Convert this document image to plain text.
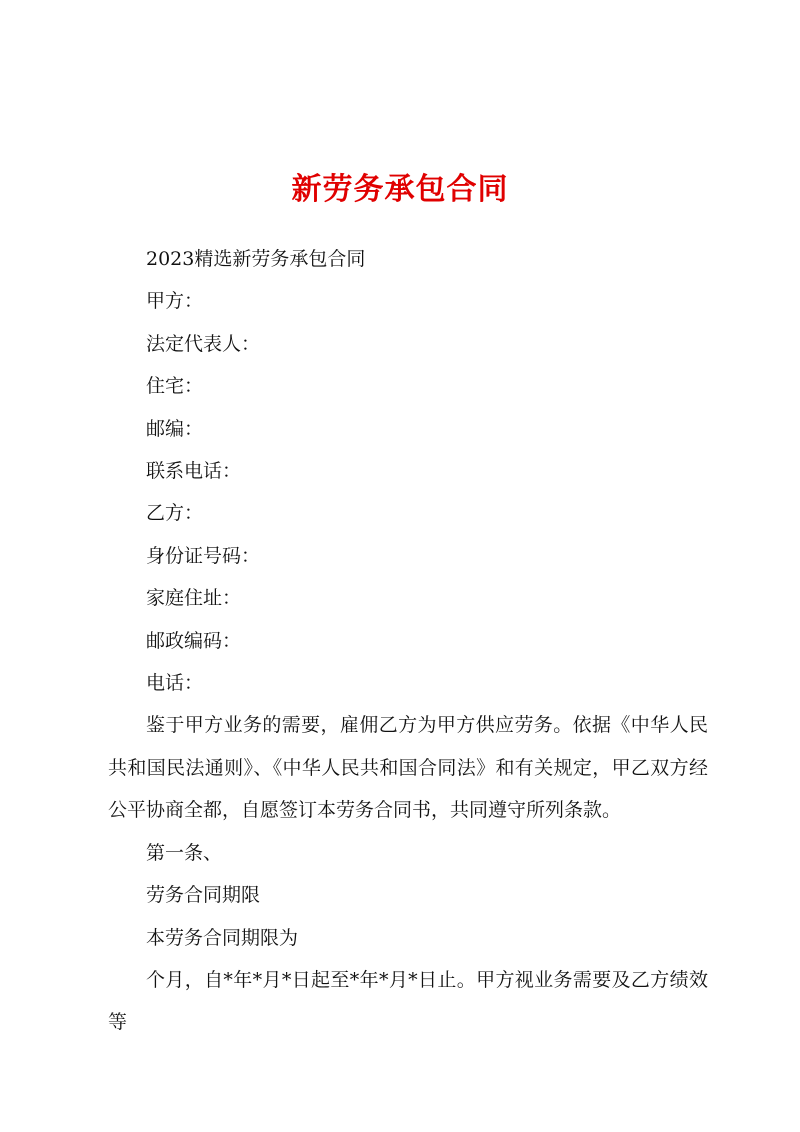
新劳务承包合同

2023精选新劳务承包合同

甲方：

法定代表人：

住宅：

邮编：

联系电话：

乙方：

身份证号码：

家庭住址：

邮政编码：

电话：

鉴于甲方业务的需要，雇佣乙方为甲方供应劳务。依据《中华人民共和国民法通则》、《中华人民共和国合同法》和有关规定，甲乙双方经公平协商全都，自愿签订本劳务合同书，共同遵守所列条款。

第一条、

劳务合同期限

本劳务合同期限为

个月，自*年*月*日起至*年*月*日止。甲方视业务需要及乙方绩效等
